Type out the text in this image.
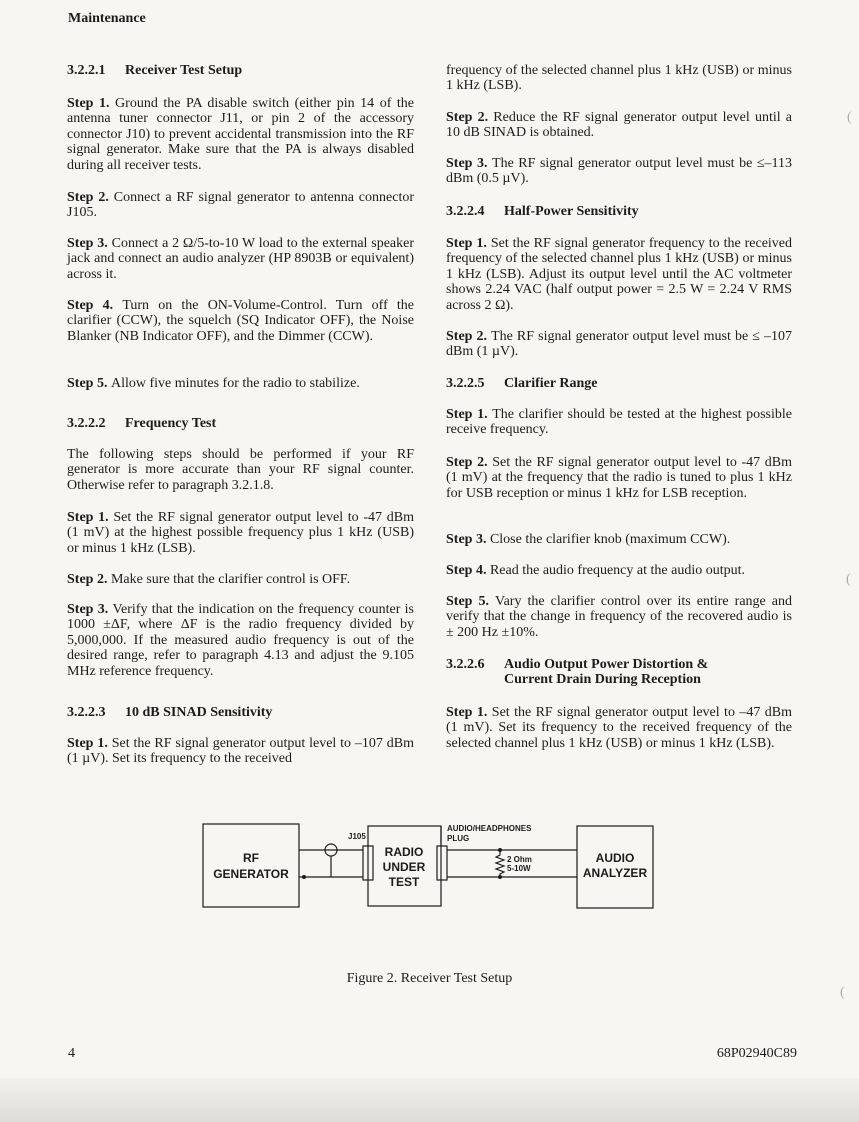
Maintenance
3.2.2.1 Receiver Test Setup

Step 1. Ground the PA disable switch (either pin 14 of the antenna tuner connector J11, or pin 2 of the accessory connector J10) to prevent accidental transmission into the RF signal generator. Make sure that the PA is always disabled during all receiver tests.

Step 2. Connect a RF signal generator to antenna connector J105.

Step 3. Connect a 2 Ω/5-to-10 W load to the external speaker jack and connect an audio analyzer (HP 8903B or equivalent) across it.

Step 4. Turn on the ON-Volume-Control. Turn off the clarifier (CCW), the squelch (SQ Indicator OFF), the Noise Blanker (NB Indicator OFF), and the Dimmer (CCW).

Step 5. Allow five minutes for the radio to stabilize.

3.2.2.2 Frequency Test

The following steps should be performed if your RF generator is more accurate than your RF signal counter. Otherwise refer to paragraph 3.2.1.8.

Step 1. Set the RF signal generator output level to -47 dBm (1 mV) at the highest possible frequency plus 1 kHz (USB) or minus 1 kHz (LSB).

Step 2. Make sure that the clarifier control is OFF.

Step 3. Verify that the indication on the frequency counter is 1000 ±ΔF, where ΔF is the radio frequency divided by 5,000,000. If the measured audio frequency is out of the desired range, refer to paragraph 4.13 and adjust the 9.105 MHz reference frequency.

3.2.2.3 10 dB SINAD Sensitivity

Step 1. Set the RF signal generator output level to –107 dBm (1 µV). Set its frequency to the received

frequency of the selected channel plus 1 kHz (USB) or minus 1 kHz (LSB).

Step 2. Reduce the RF signal generator output level until a 10 dB SINAD is obtained.

Step 3. The RF signal generator output level must be ≤–113 dBm (0.5 µV).

3.2.2.4 Half-Power Sensitivity

Step 1. Set the RF signal generator frequency to the received frequency of the selected channel plus 1 kHz (USB) or minus 1 kHz (LSB). Adjust its output level until the AC voltmeter shows 2.24 VAC (half output power = 2.5 W = 2.24 V RMS across 2 Ω).

Step 2. The RF signal generator output level must be ≤ –107 dBm (1 µV).

3.2.2.5 Clarifier Range

Step 1. The clarifier should be tested at the highest possible receive frequency.

Step 2. Set the RF signal generator output level to -47 dBm (1 mV) at the frequency that the radio is tuned to plus 1 kHz for USB reception or minus 1 kHz for LSB reception.

Step 3. Close the clarifier knob (maximum CCW).

Step 4. Read the audio frequency at the audio output.

Step 5. Vary the clarifier control over its entire range and verify that the change in frequency of the recovered audio is ± 200 Hz ±10%.

3.2.2.6 Audio Output Power Distortion &
Current Drain During Reception

Step 1. Set the RF signal generator output level to –47 dBm (1 mV). Set its frequency to the received frequency of the selected channel plus 1 kHz (USB) or minus 1 kHz (LSB).

RF
GENERATOR
J105
RADIO
UNDER
TEST
AUDIO/HEADPHONES
PLUG
2 Ohm
5-10W
AUDIO
ANALYZER
Figure 2. Receiver Test Setup
4	68P02940C89
(
(
(
